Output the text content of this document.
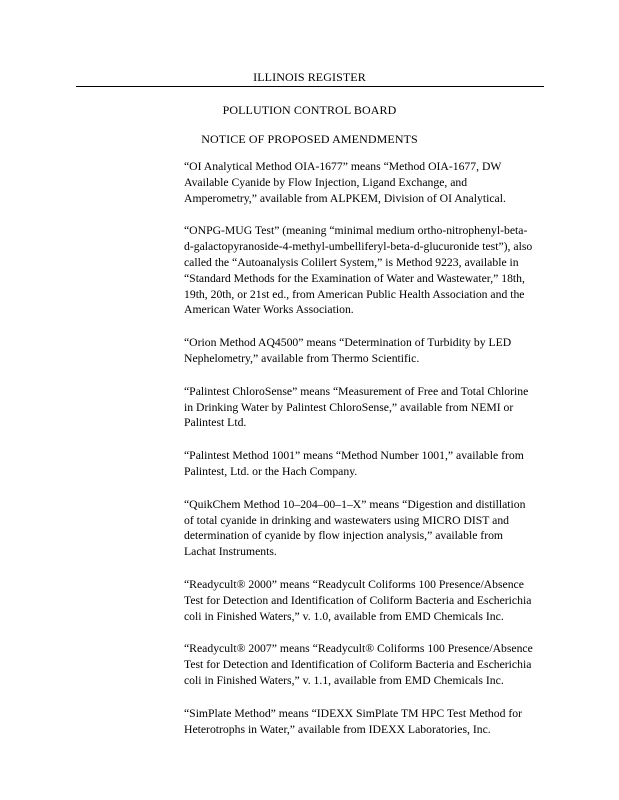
ILLINOIS REGISTER
POLLUTION CONTROL BOARD
NOTICE OF PROPOSED AMENDMENTS
“OI Analytical Method OIA-1677” means “Method OIA-1677, DW
Available Cyanide by Flow Injection, Ligand Exchange, and
Amperometry,” available from ALPKEM, Division of OI Analytical.
“ONPG-MUG Test” (meaning “minimal medium ortho-nitrophenyl-beta-
d-galactopyranoside-4-methyl-umbelliferyl-beta-d-glucuronide test”), also
called the “Autoanalysis Colilert System,” is Method 9223, available in
“Standard Methods for the Examination of Water and Wastewater,” 18th,
19th, 20th, or 21st ed., from American Public Health Association and the
American Water Works Association.
“Orion Method AQ4500” means “Determination of Turbidity by LED
Nephelometry,” available from Thermo Scientific.
“Palintest ChloroSense” means “Measurement of Free and Total Chlorine
in Drinking Water by Palintest ChloroSense,” available from NEMI or
Palintest Ltd.
“Palintest Method 1001” means “Method Number 1001,” available from
Palintest, Ltd. or the Hach Company.
“QuikChem Method 10–204–00–1–X” means “Digestion and distillation
of total cyanide in drinking and wastewaters using MICRO DIST and
determination of cyanide by flow injection analysis,” available from
Lachat Instruments.
“Readycult® 2000” means “Readycult Coliforms 100 Presence/Absence
Test for Detection and Identification of Coliform Bacteria and Escherichia
coli in Finished Waters,” v. 1.0, available from EMD Chemicals Inc.
“Readycult® 2007” means “Readycult® Coliforms 100 Presence/Absence
Test for Detection and Identification of Coliform Bacteria and Escherichia
coli in Finished Waters,” v. 1.1, available from EMD Chemicals Inc.
“SimPlate Method” means “IDEXX SimPlate TM HPC Test Method for
Heterotrophs in Water,” available from IDEXX Laboratories, Inc.
